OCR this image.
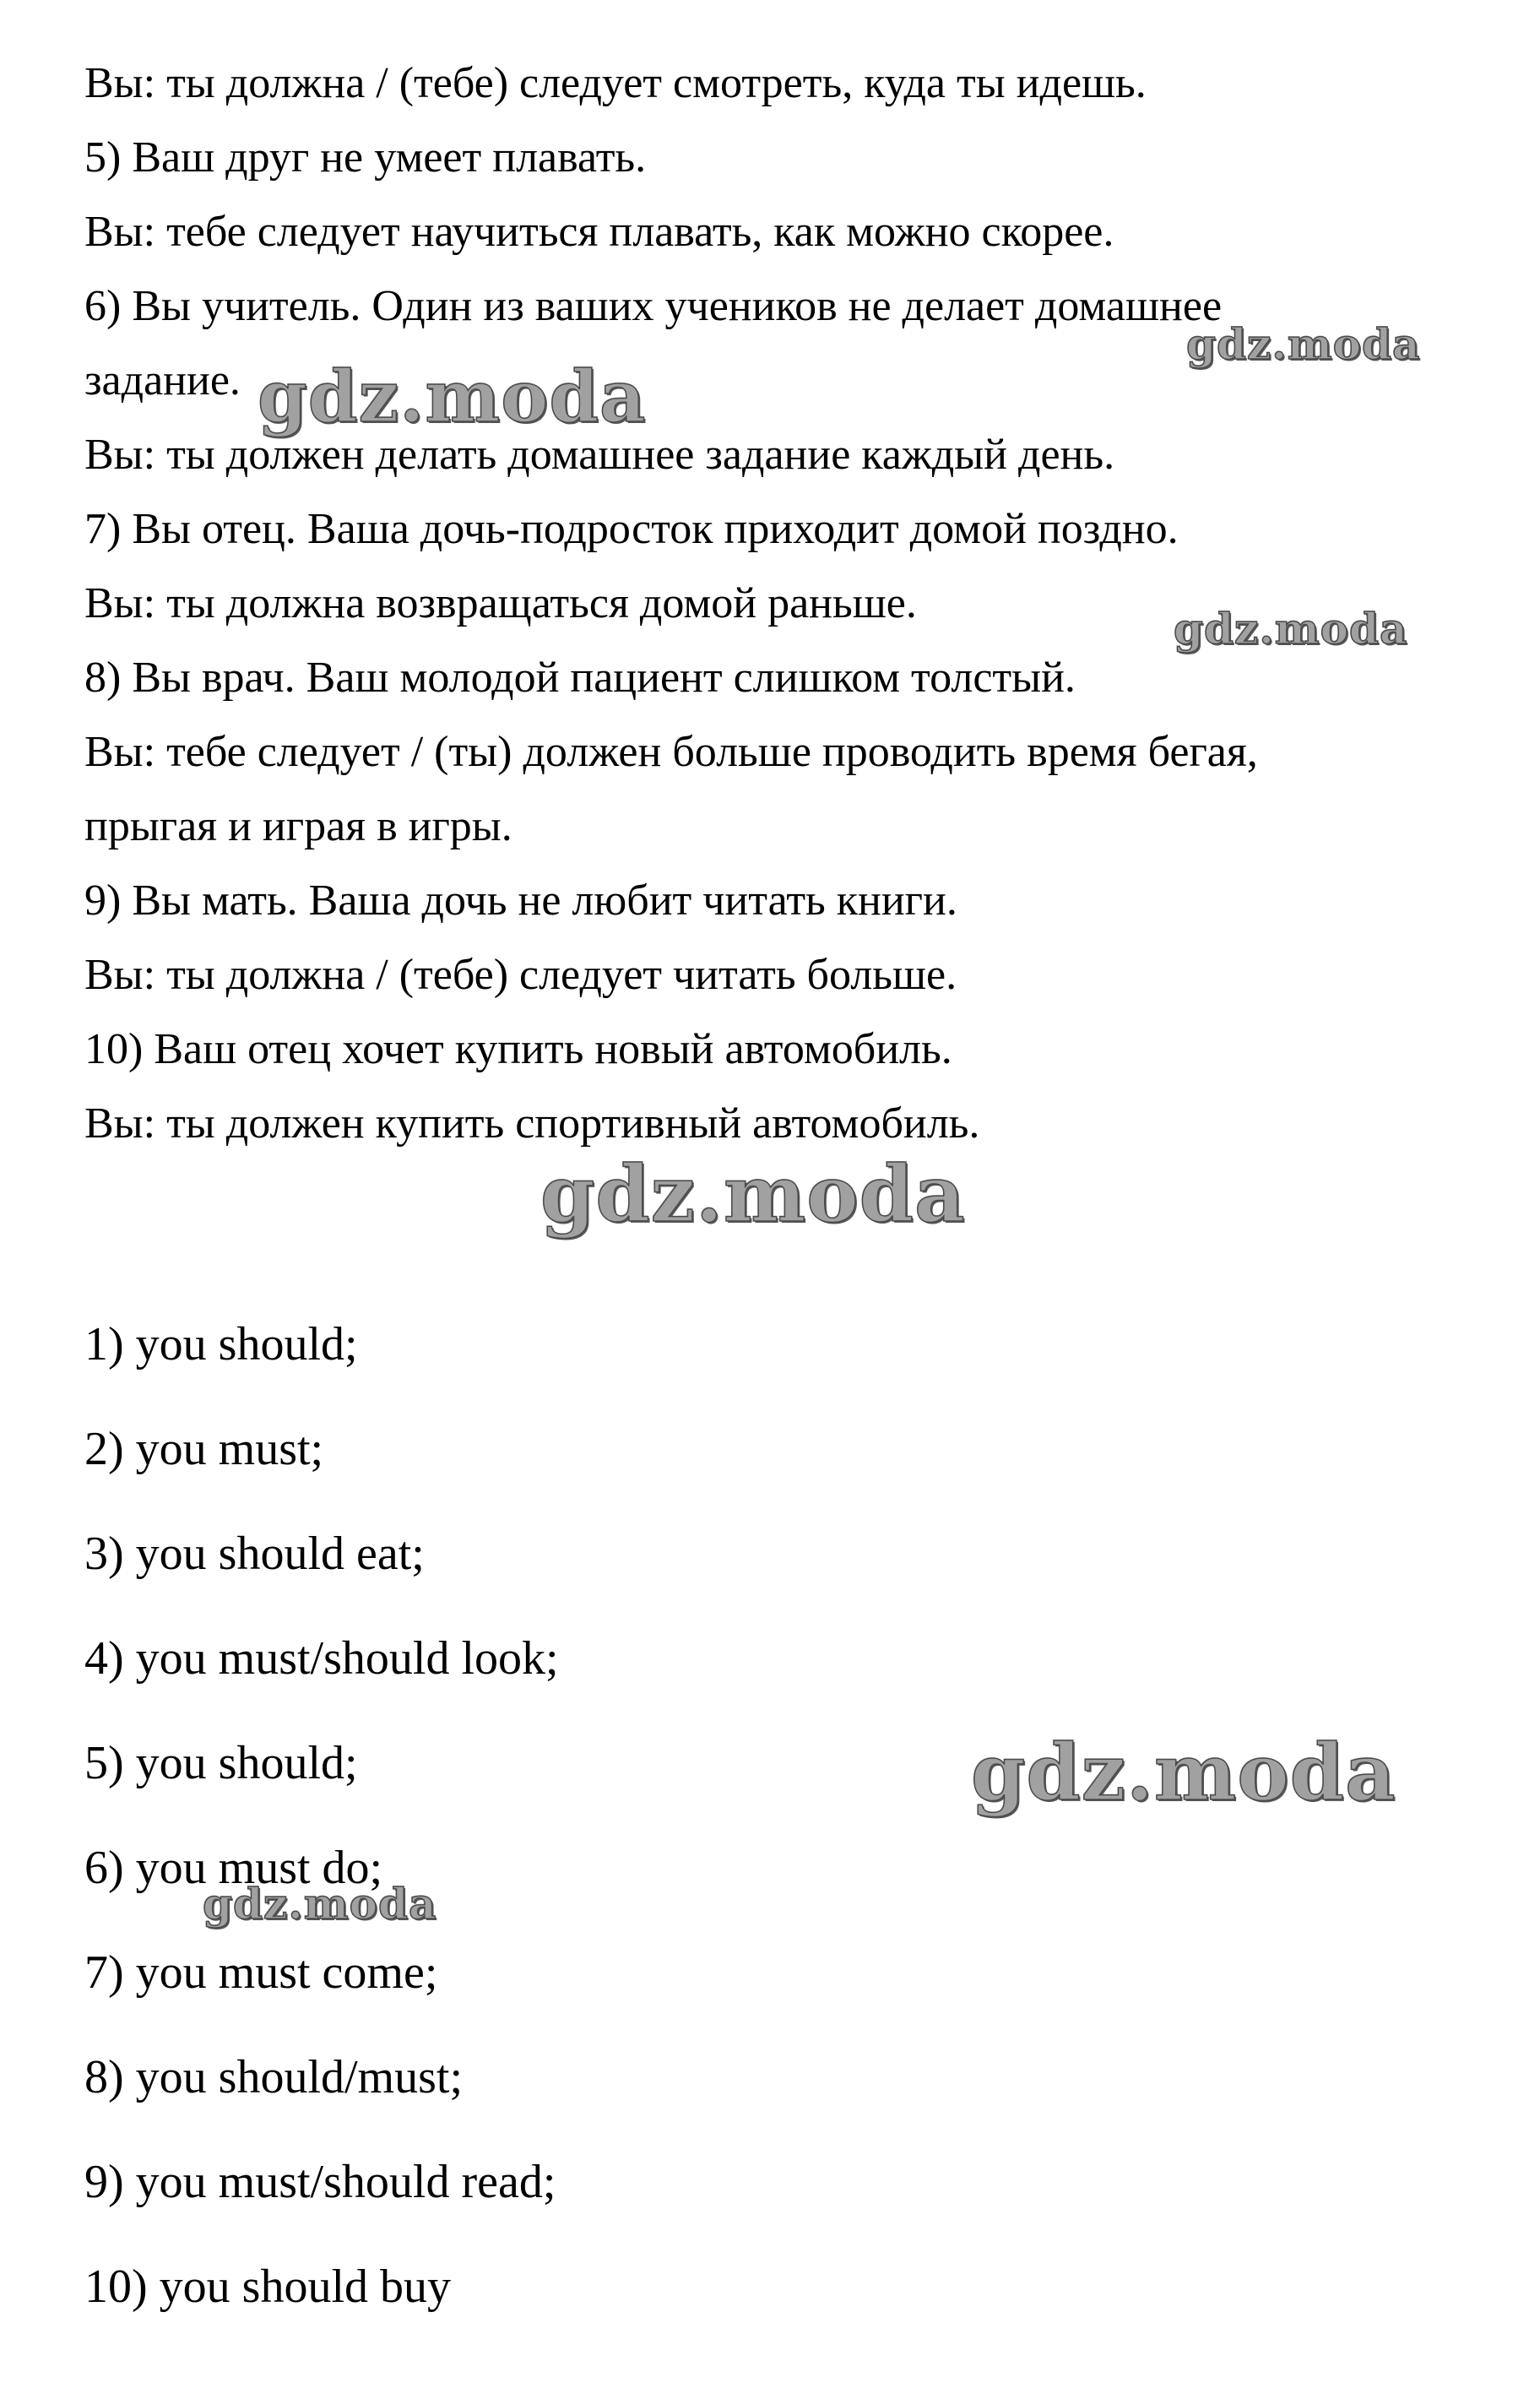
Вы: ты должна / (тебе) следует смотреть, куда ты идешь.
5) Ваш друг не умеет плавать.
Вы: тебе следует научиться плавать, как можно скорее.
6) Вы учитель. Один из ваших учеников не делает домашнее
задание.
Вы: ты должен делать домашнее задание каждый день.
7) Вы отец. Ваша дочь-подросток приходит домой поздно.
Вы: ты должна возвращаться домой раньше.
8) Вы врач. Ваш молодой пациент слишком толстый.
Вы: тебе следует / (ты) должен больше проводить время бегая,
прыгая и играя в игры.
9) Вы мать. Ваша дочь не любит читать книги.
Вы: ты должна / (тебе) следует читать больше.
10) Ваш отец хочет купить новый автомобиль.
Вы: ты должен купить спортивный автомобиль.
1) you should;
2) you must;
3) you should eat;
4) you must/should look;
5) you should;
6) you must do;
7) you must come;
8) you should/must;
9) you must/should read;
10) you should buy
gdz.moda
gdz.moda
gdz.moda
gdz.moda
gdz.moda
gdz.moda
